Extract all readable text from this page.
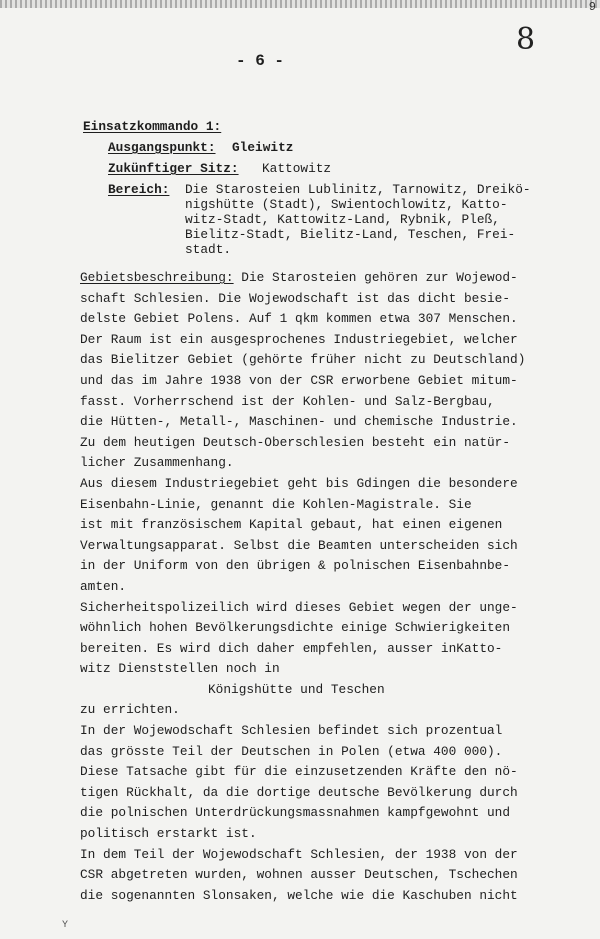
9
- 6 -
8
Einsatzkommando 1:
Ausgangspunkt: Gleiwitz
Zukünftiger Sitz: Kattowitz
Bereich: Die Starosteien Lublinitz, Tarnowitz, Dreikö-
nigshütte (Stadt), Swientochlowitz, Katto-
witz-Stadt, Kattowitz-Land, Rybnik, Pleß,
Bielitz-Stadt, Bielitz-Land, Teschen, Frei-
stadt.
Gebietsbeschreibung: Die Starosteien gehören zur Wojewod-
schaft Schlesien. Die Wojewodschaft ist das dicht besie-
delste Gebiet Polens. Auf 1 qkm kommen etwa 307 Menschen.
Der Raum ist ein ausgesprochenes Industriegebiet, welcher
das Bielitzer Gebiet (gehörte früher nicht zu Deutschland)
und das im Jahre 1938 von der CSR erworbene Gebiet mitum-
fasst. Vorherrschend ist der Kohlen- und Salz-Bergbau,
die Hütten-, Metall-, Maschinen- und chemische Industrie.
Zu dem heutigen Deutsch-Oberschlesien besteht ein natür-
licher Zusammenhang.
Aus diesem Industriegebiet geht bis Gdingen die besondere
Eisenbahn-Linie, genannt die Kohlen-Magistrale. Sie
ist mit französischem Kapital gebaut, hat einen eigenen
Verwaltungsapparat. Selbst die Beamten unterscheiden sich
in der Uniform von den übrigen & polnischen Eisenbahnbe-
amten.
Sicherheitspolizeilich wird dieses Gebiet wegen der unge-
wöhnlich hohen Bevölkerungsdichte einige Schwierigkeiten
bereiten. Es wird dich daher empfehlen, ausser inKatto-
witz Dienststellen noch in
Königshütte und Teschen
zu errichten.
In der Wojewodschaft Schlesien befindet sich prozentual
das grösste Teil der Deutschen in Polen (etwa 400 000).
Diese Tatsache gibt für die einzusetzenden Kräfte den nö-
tigen Rückhalt, da die dortige deutsche Bevölkerung durch
die polnischen Unterdrückungsmassnahmen kampfgewohnt und
politisch erstarkt ist.
In dem Teil der Wojewodschaft Schlesien, der 1938 von der
CSR abgetreten wurden, wohnen ausser Deutschen, Tschechen
die sogenannten Slonsaken, welche wie die Kaschuben nicht
Y
